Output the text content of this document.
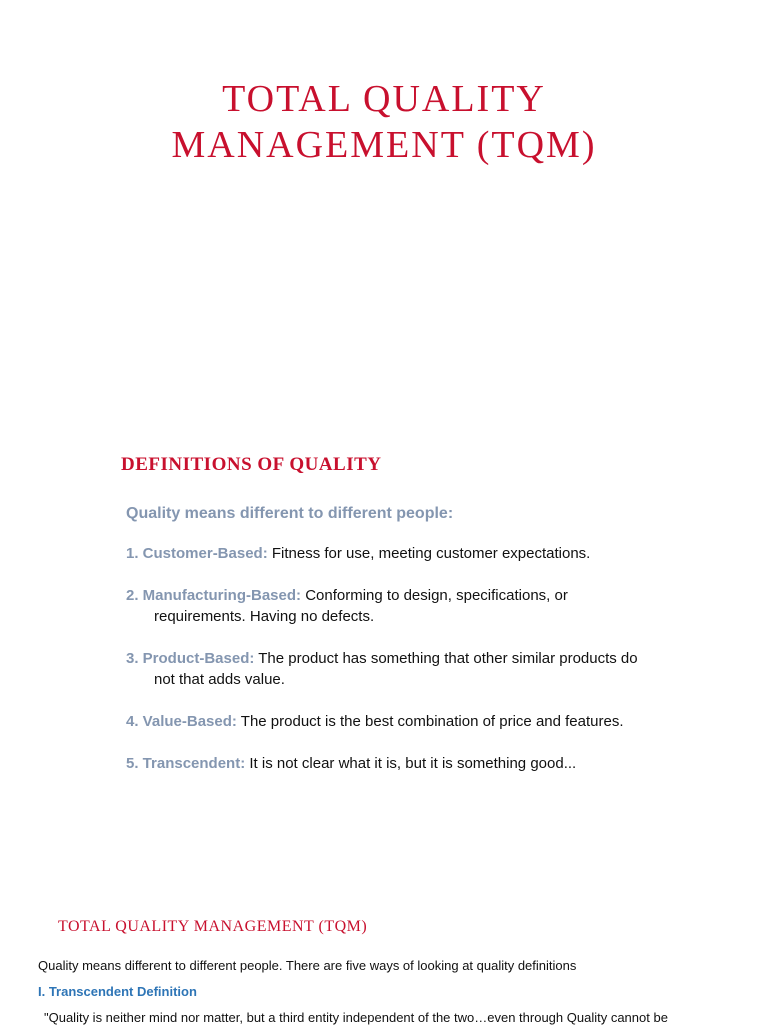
TOTAL QUALITY
MANAGEMENT (TQM)
DEFINITIONS OF QUALITY
Quality means different to different people:

1. Customer-Based: Fitness for use, meeting customer expectations.

2. Manufacturing-Based: Conforming to design, specifications, or requirements. Having no defects.

3. Product-Based: The product has something that other similar products do not that adds value.

4. Value-Based: The product is the best combination of price and features.

5. Transcendent: It is not clear what it is, but it is something good...

TOTAL QUALITY MANAGEMENT (TQM)
Quality means different to different people. There are five ways of looking at quality definitions
I. Transcendent Definition
"Quality is neither mind nor matter, but a third entity independent of the two…even through Quality cannot be
